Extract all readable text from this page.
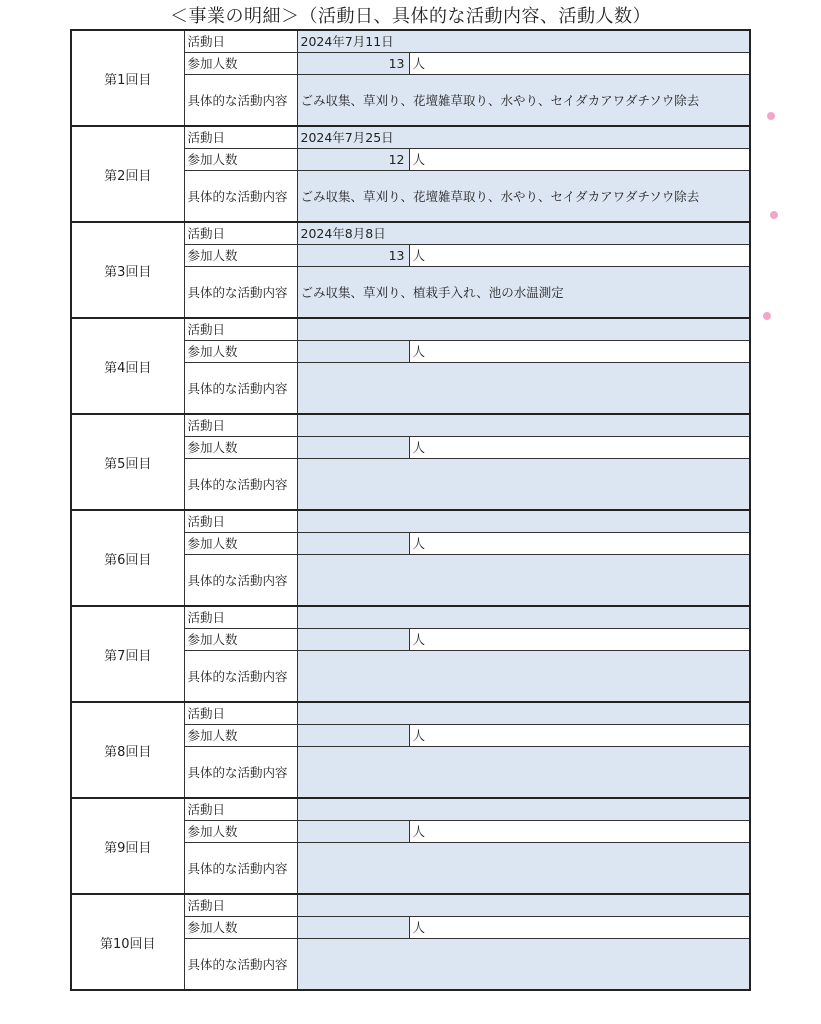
＜事業の明細＞（活動日、具体的な活動内容、活動人数）
第1回目	活動日	2024年7月11日	
	参加人数	13	人
	具体的な活動内容	ごみ収集、草刈り、花壇雑草取り、水やり、セイダカアワダチソウ除去	
第2回目	活動日	2024年7月25日	
	参加人数	12	人
	具体的な活動内容	ごみ収集、草刈り、花壇雑草取り、水やり、セイダカアワダチソウ除去	
第3回目	活動日	2024年8月8日	
	参加人数	13	人
	具体的な活動内容	ごみ収集、草刈り、植栽手入れ、池の水温測定	
第4回目	活動日		
	参加人数		人
	具体的な活動内容		
第5回目	活動日		
	参加人数		人
	具体的な活動内容		
第6回目	活動日		
	参加人数		人
	具体的な活動内容		
第7回目	活動日		
	参加人数		人
	具体的な活動内容		
第8回目	活動日		
	参加人数		人
	具体的な活動内容		
第9回目	活動日		
	参加人数		人
	具体的な活動内容		
第10回目	活動日		
	参加人数		人
	具体的な活動内容		
